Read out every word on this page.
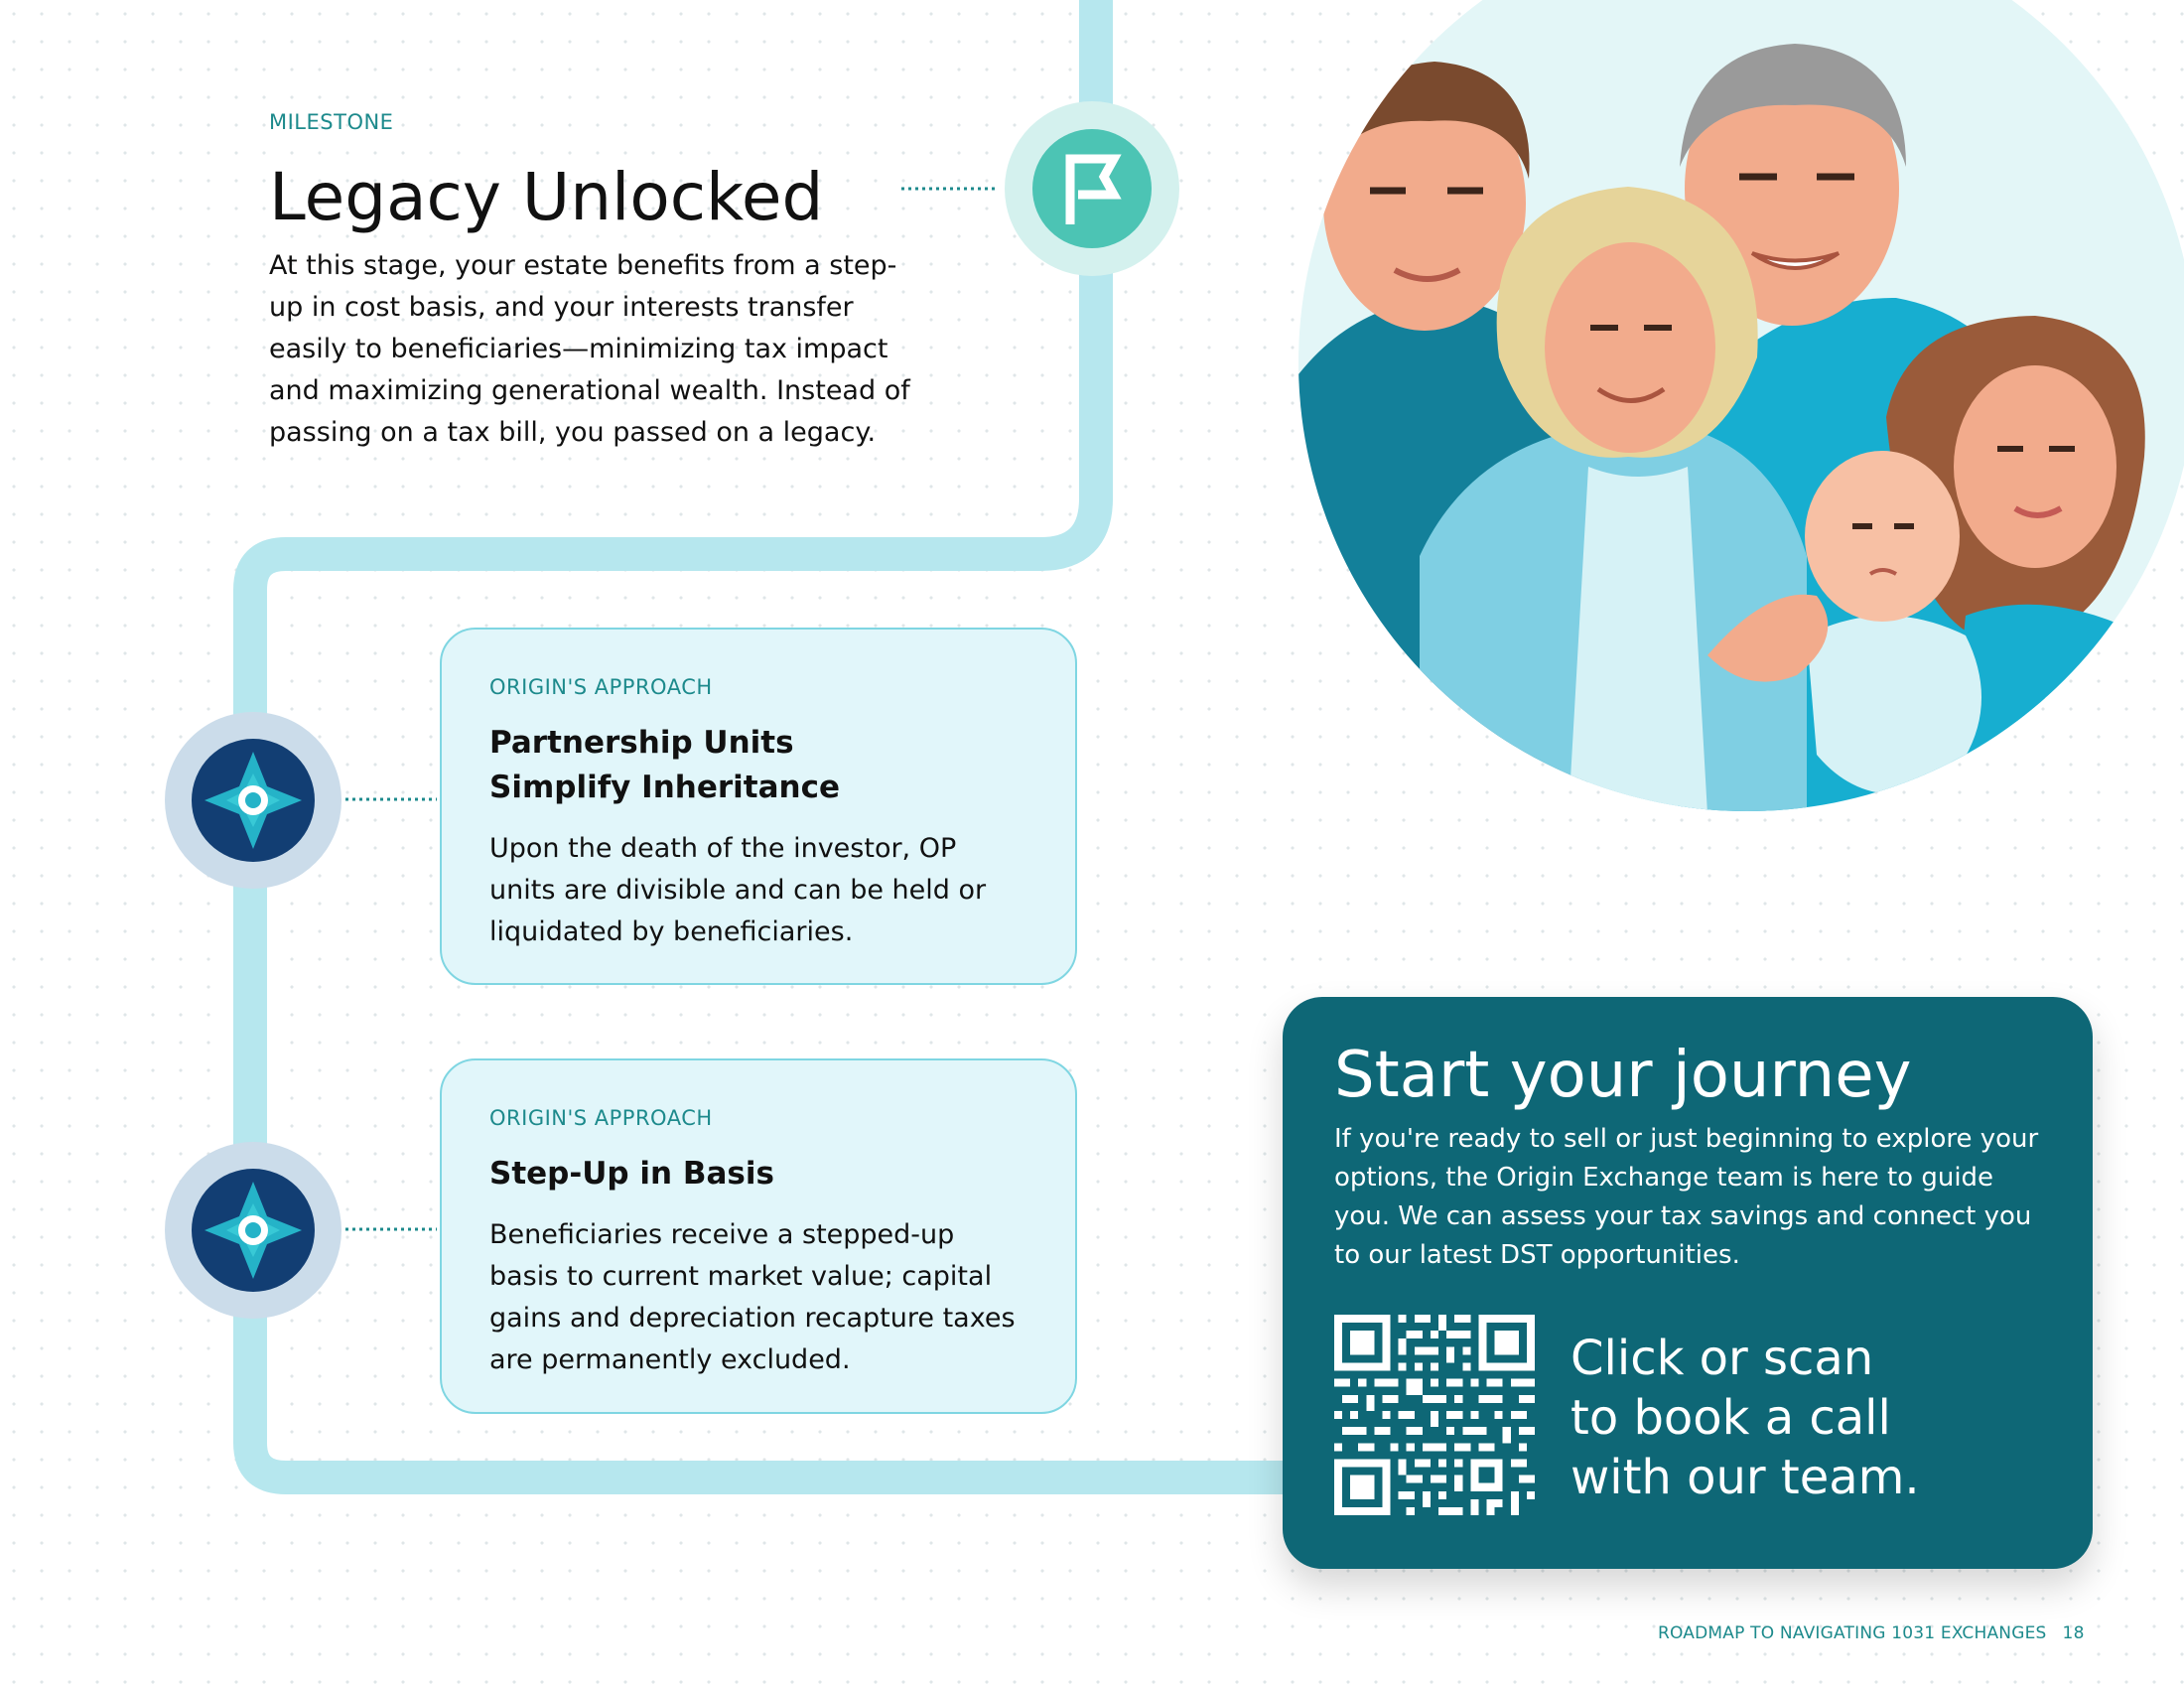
MILESTONE
Legacy Unlocked

At this stage, your estate benefits from a step-up in cost basis, and your interests transfer easily to beneficiaries—minimizing tax impact and maximizing generational wealth. Instead of passing on a tax bill, you passed on a legacy.

ORIGIN'S APPROACH
Partnership Units
Simplify Inheritance

Upon the death of the investor, OP units are divisible and can be held or liquidated by beneficiaries.

ORIGIN'S APPROACH
Step-Up in Basis

Beneficiaries receive a stepped-up basis to current market value; capital gains and depreciation recapture taxes are permanently excluded.

Start your journey

If you're ready to sell or just beginning to explore your options, the Origin Exchange team is here to guide you. We can assess your tax savings and connect you to our latest DST opportunities.

Click or scan
to book a call
with our team.
ROADMAP TO NAVIGATING 1031 EXCHANGES 18
